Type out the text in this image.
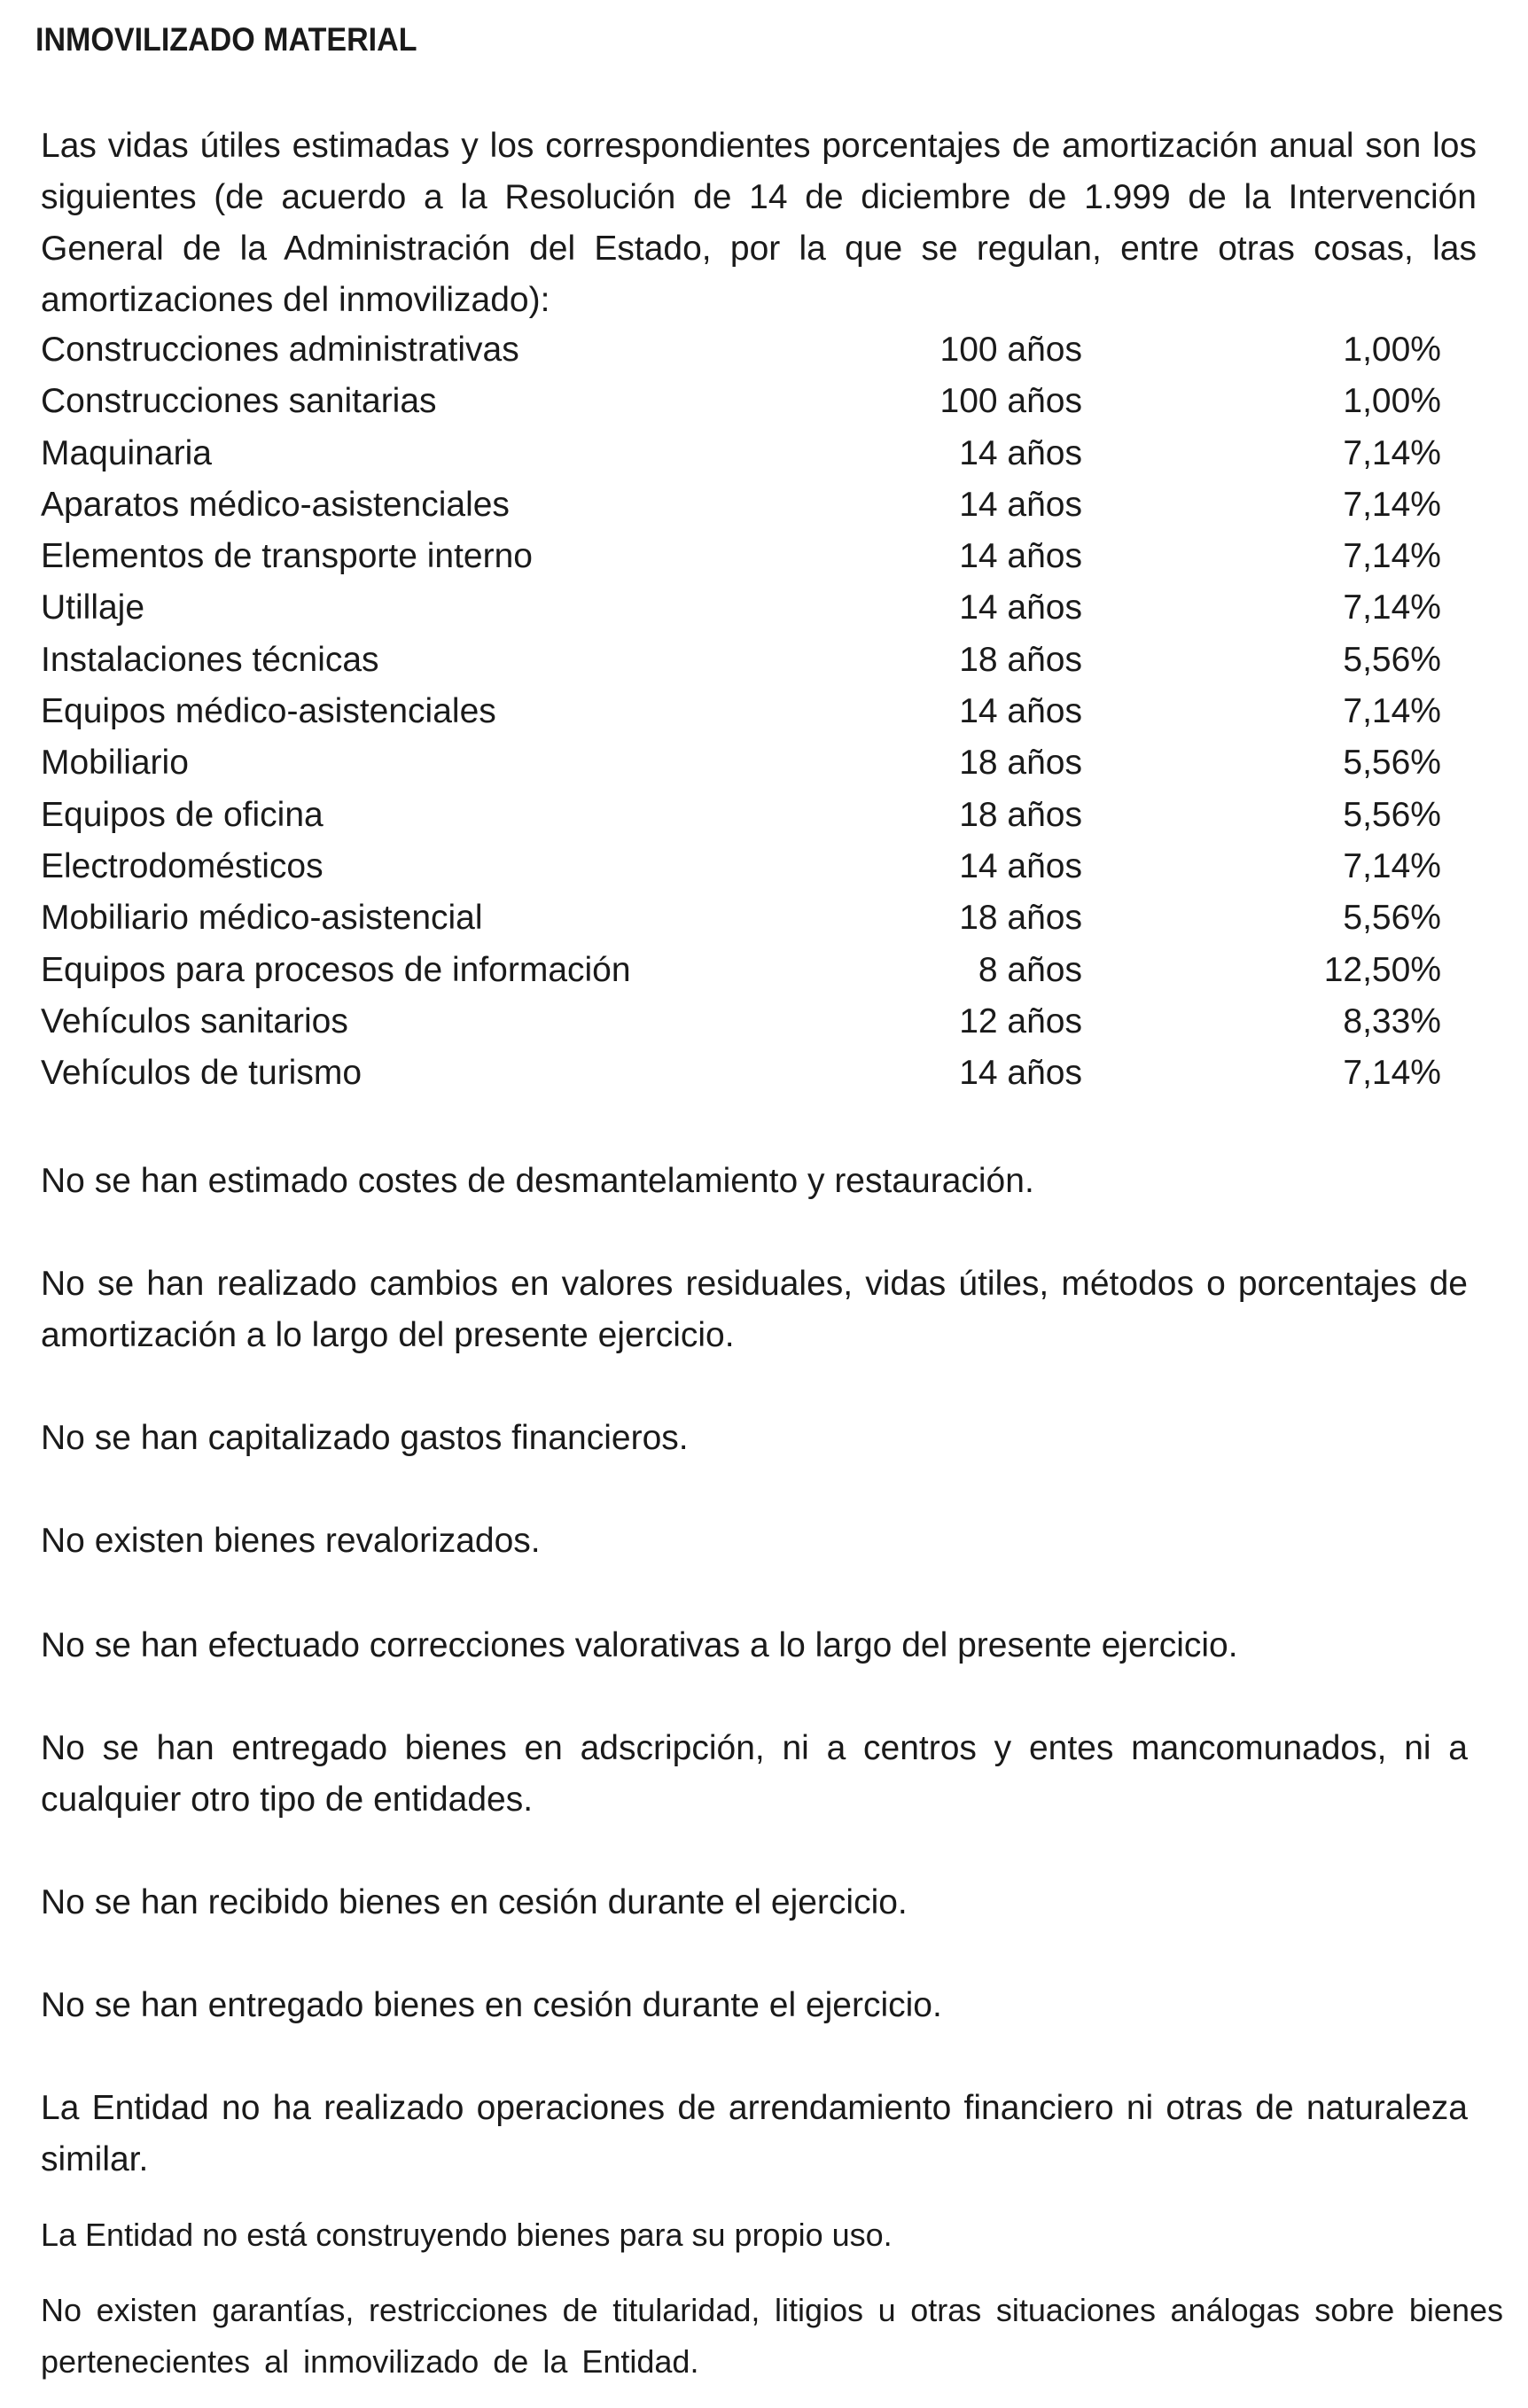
INMOVILIZADO MATERIAL
Las vidas útiles estimadas y los correspondientes porcentajes de amortización anual son los siguientes (de acuerdo a la Resolución de 14 de diciembre de 1.999 de la Intervención General de la Administración del Estado, por la que se regulan, entre otras cosas, las amortizaciones del inmovilizado):
Construcciones administrativas	100 años	1,00%
Construcciones sanitarias	100 años	1,00%
Maquinaria	14 años	7,14%
Aparatos médico-asistenciales	14 años	7,14%
Elementos de transporte interno	14 años	7,14%
Utillaje	14 años	7,14%
Instalaciones técnicas	18 años	5,56%
Equipos médico-asistenciales	14 años	7,14%
Mobiliario	18 años	5,56%
Equipos de oficina	18 años	5,56%
Electrodomésticos	14 años	7,14%
Mobiliario médico-asistencial	18 años	5,56%
Equipos para procesos de información	8 años	12,50%
Vehículos sanitarios	12 años	8,33%
Vehículos de turismo	14 años	7,14%
No se han estimado costes de desmantelamiento y restauración.
No se han realizado cambios en valores residuales, vidas útiles, métodos o porcentajes de amortización a lo largo del presente ejercicio.
No se han capitalizado gastos financieros.
No existen bienes revalorizados.
No se han efectuado correcciones valorativas a lo largo del presente ejercicio.
No se han entregado bienes en adscripción, ni a centros y entes mancomunados, ni a cualquier otro tipo de entidades.
No se han recibido bienes en cesión durante el ejercicio.
No se han entregado bienes en cesión durante el ejercicio.
La Entidad no ha realizado operaciones de arrendamiento financiero ni otras de naturaleza similar.
La Entidad no está construyendo bienes para su propio uso.
No existen garantías, restricciones de titularidad, litigios u otras situaciones análogas sobre bienes pertenecientes al inmovilizado de la Entidad.
